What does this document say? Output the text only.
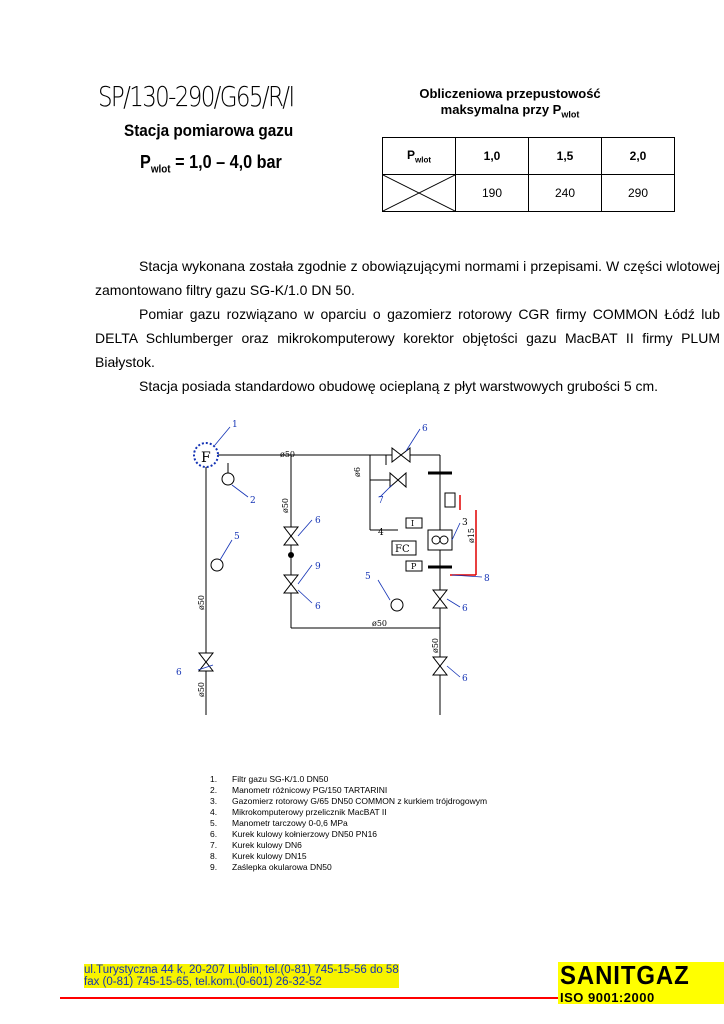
SP/130-290/G65/R/I
Stacja pomiarowa gazu
$P_{wlot} = 1,0 - 4,0$ bar
Obliczeniowa przepustowość
maksymalna przy $P_{wlot}$
$P_{wlot}$	1,0	1,5	2,0

	190	240	290
Stacja wykonana została zgodnie z obowiązującymi normami i przepisami. W części wlotowej zamontowano filtry gazu SG-K/1.0 DN 50.
Pomiar gazu rozwiązano w oparciu o gazomierz rotorowy CGR firmy COMMON Łódź lub DELTA Schlumberger oraz mikrokomputerowy korektor objętości gazu MacBAT II firmy PLUM Białystok.
Stacja posiada standardowo obudowę ocieplaną z płyt warstwowych grubości 5 cm.
F
FC
I
P
ø50
ø50
ø6
ø50
ø50
ø50
ø50
ø15
1
2
3
4
5
5
6
6
6
6
6
6
7
8
9
1. Filtr gazu SG-K/1.0 DN50
2. Manometr różnicowy PG/150 TARTARINI
3. Gazomierz rotorowy G/65 DN50 COMMON z kurkiem trójdrogowym
4. Mikrokomputerowy przelicznik MacBAT II
5. Manometr tarczowy 0-0,6 MPa
6. Kurek kulowy kołnierzowy DN50 PN16
7. Kurek kulowy DN6
8. Kurek kulowy DN15
9. Zaślepka okularowa DN50
ul.Turystyczna 44 k, 20-207 Lublin, tel.(0-81) 745-15-56 do 58
fax (0-81) 745-15-65, tel.kom.(0-601) 26-32-52	SANITGAZ
ISO 9001:2000
